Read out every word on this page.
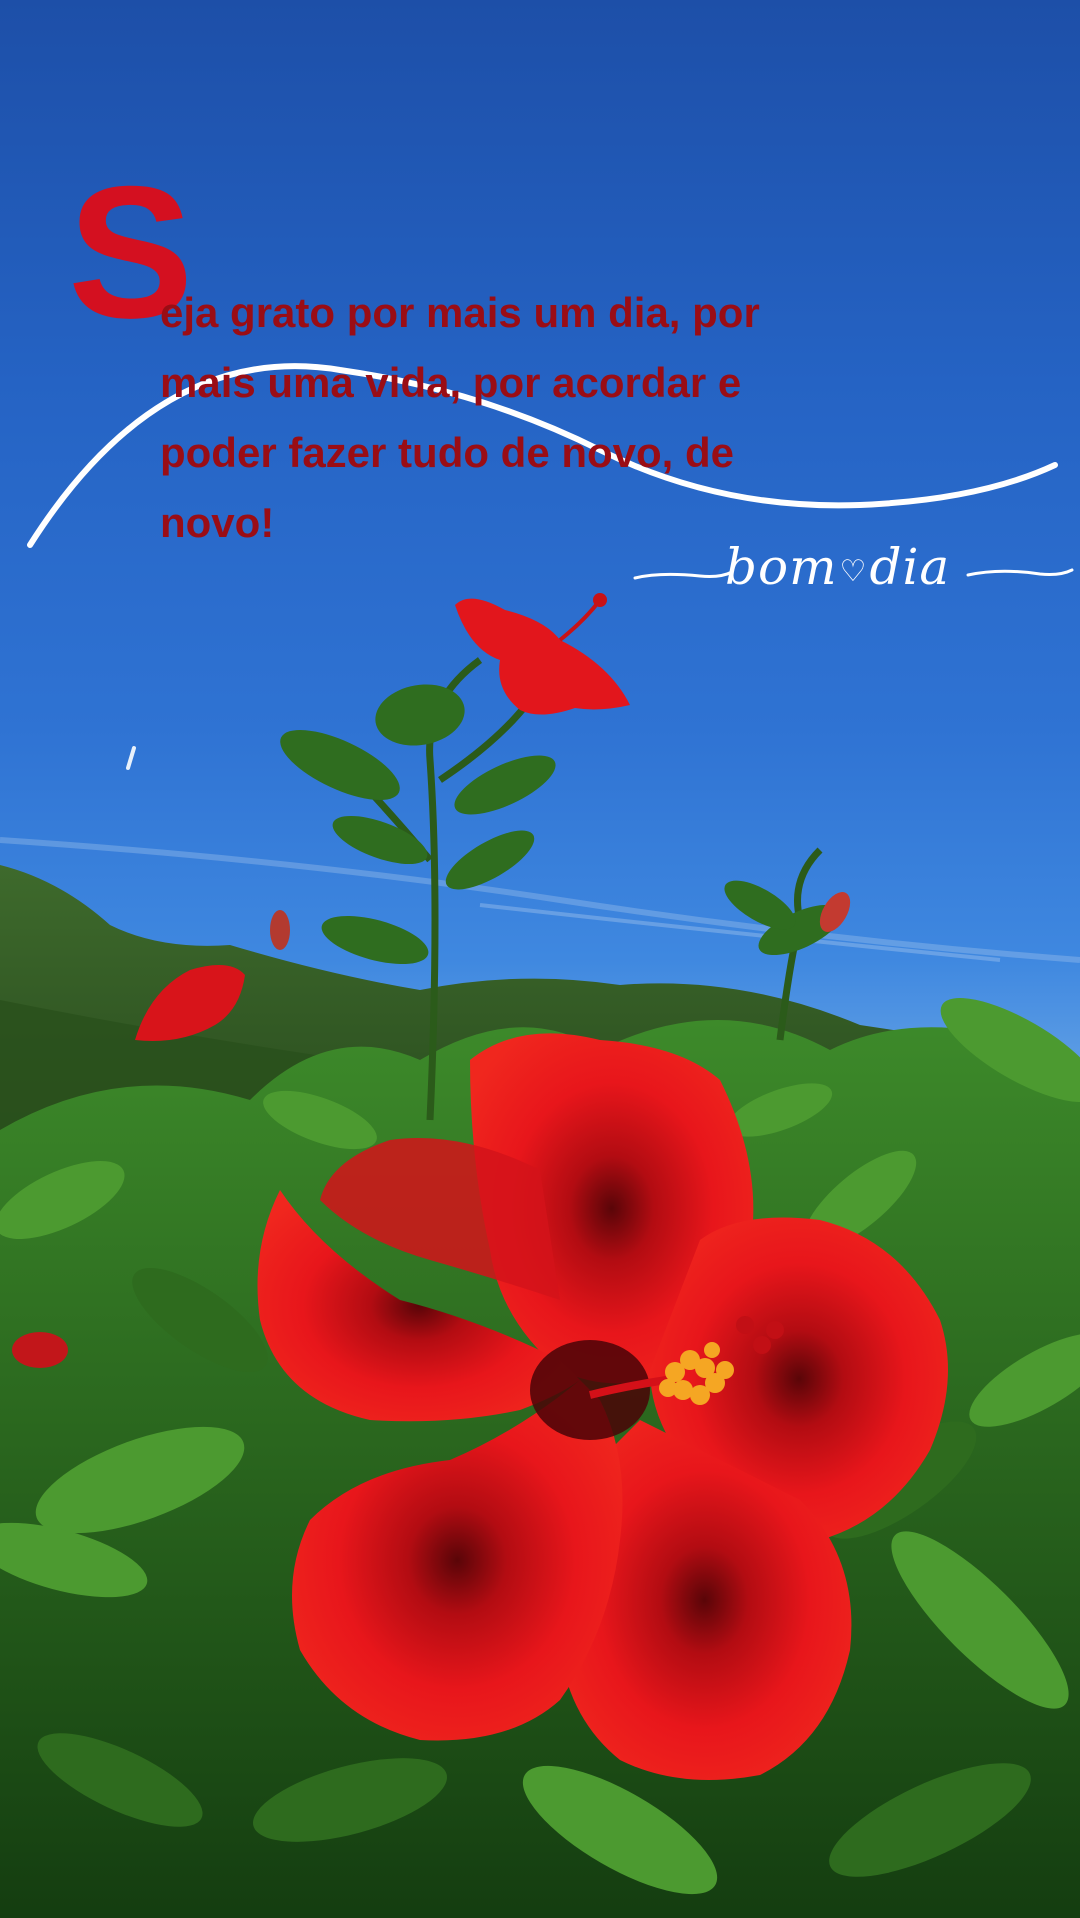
S
eja grato por mais um dia, por
mais uma vida, por acordar e
poder fazer tudo de novo, de
novo!
bom♡dia
